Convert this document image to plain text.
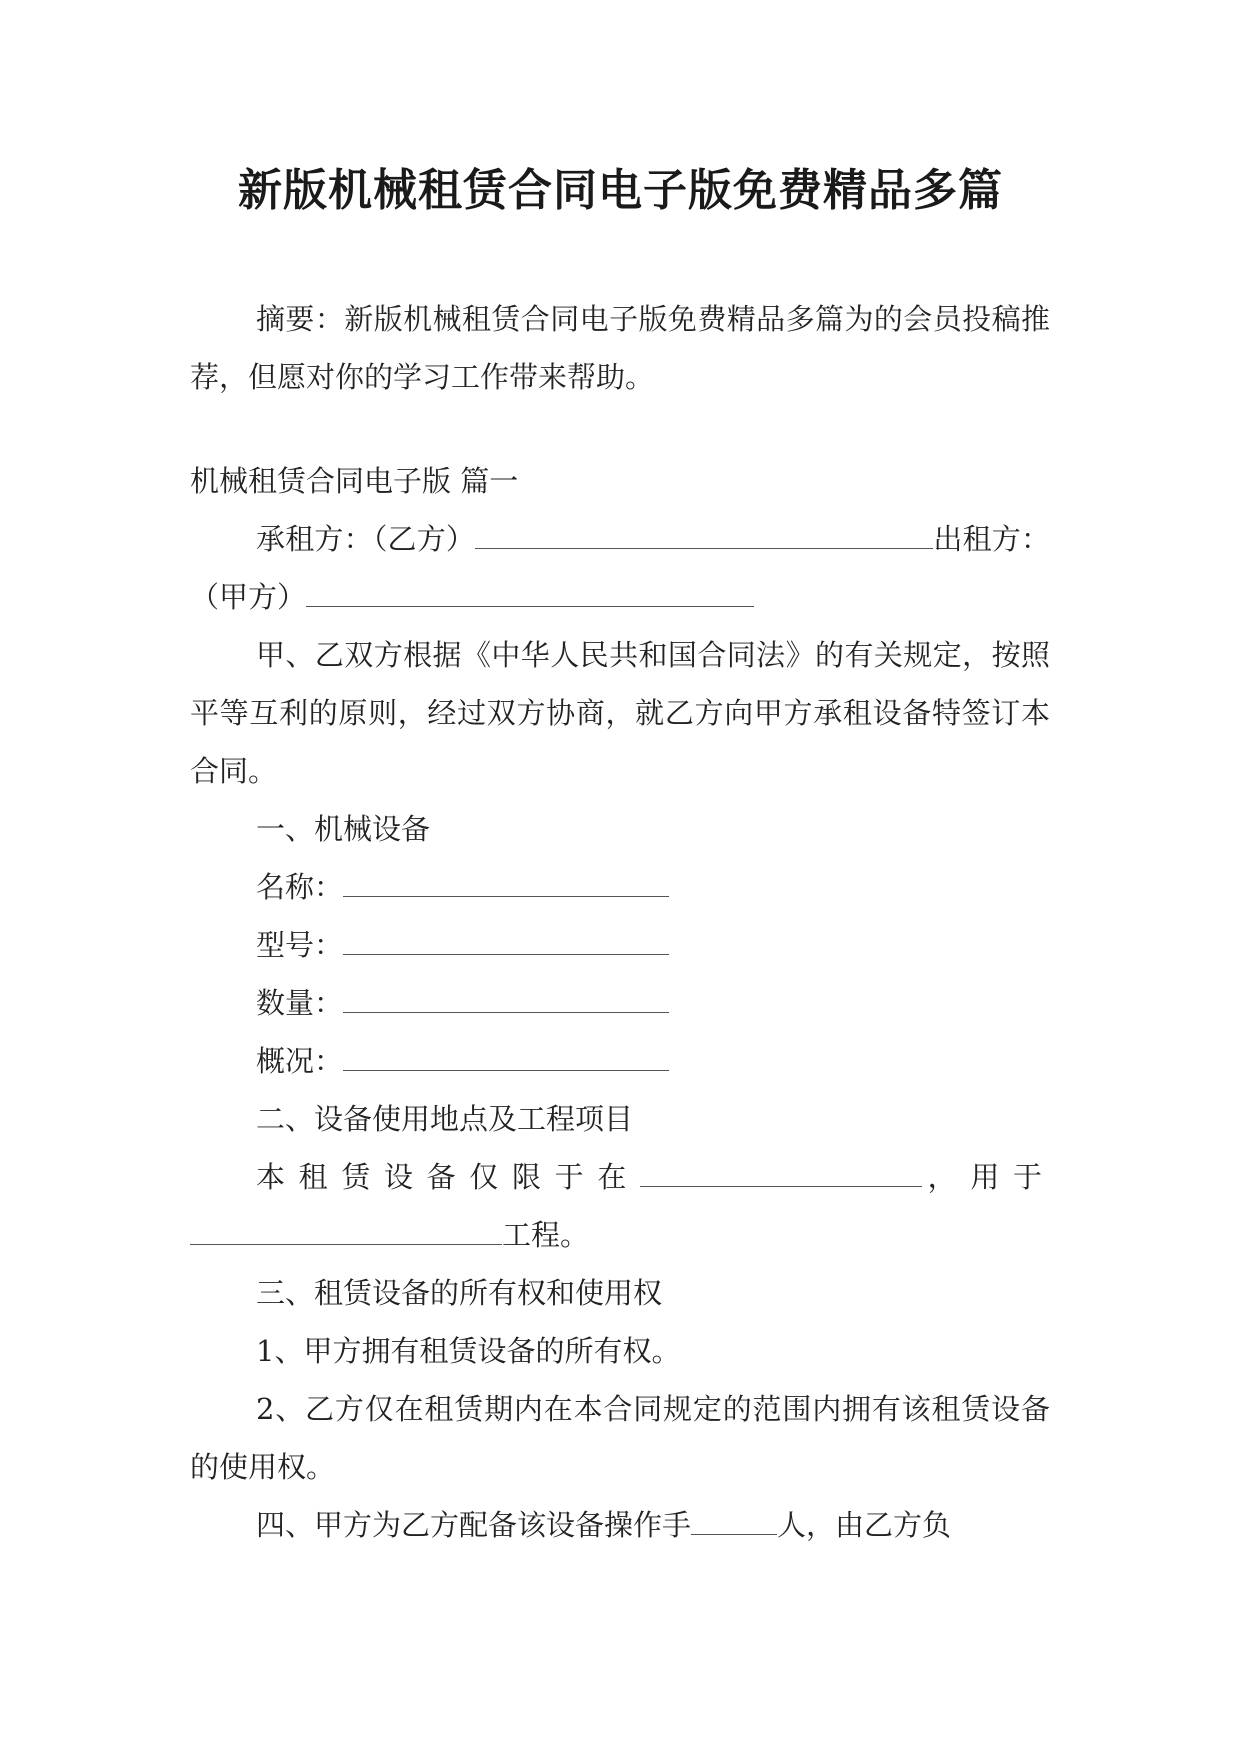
新版机械租赁合同电子版免费精品多篇

摘要：新版机械租赁合同电子版免费精品多篇为的会员投稿推荐，但愿对你的学习工作带来帮助。

机械租赁合同电子版 篇一

承租方：（乙方）	出租方：（甲方）

甲、乙双方根据《中华人民共和国合同法》的有关规定，按照平等互利的原则，经过双方协商，就乙方向甲方承租设备特签订本合同。

一、机械设备

名称：

型号：

数量：

概况：

二、设备使用地点及工程项目

本租赁设备仅限于在	，用于工程。

三、租赁设备的所有权和使用权

1、甲方拥有租赁设备的所有权。

2、乙方仅在租赁期内在本合同规定的范围内拥有该租赁设备的使用权。

四、甲方为乙方配备该设备操作手	人，由乙方负
